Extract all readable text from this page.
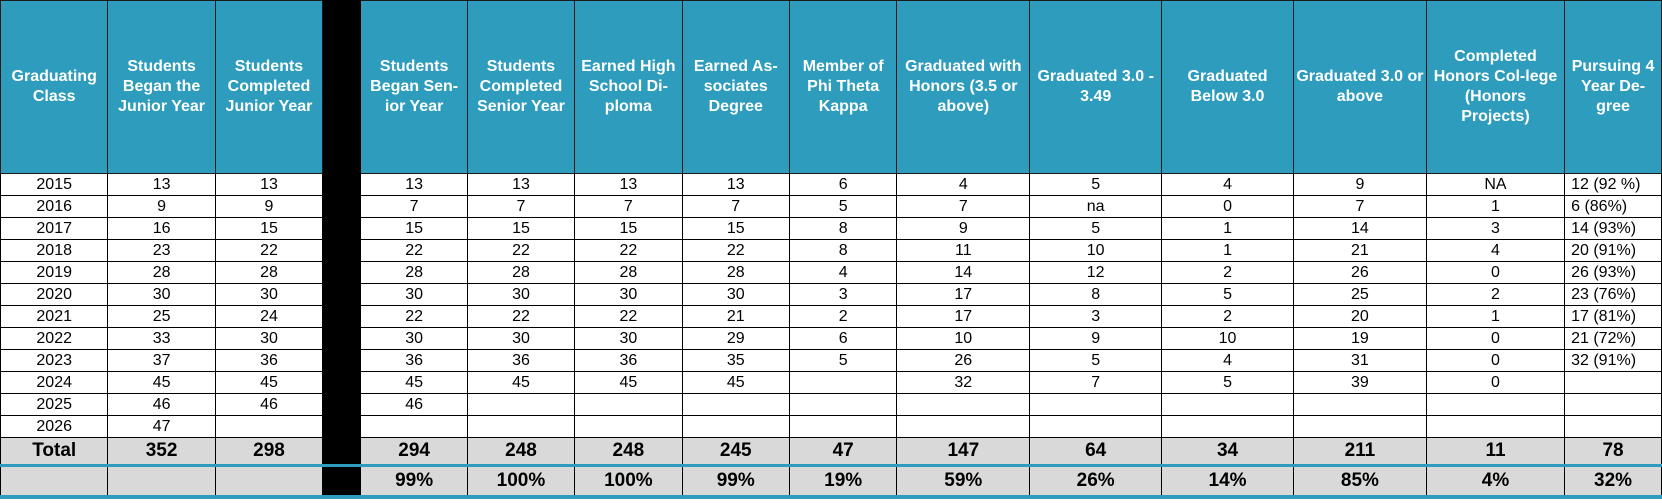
Graduating Class	Students Began the Junior Year	Students Completed Junior Year		Students Began Sen-ior Year	Students Completed Senior Year	Earned High School Di-ploma	Earned As-sociates Degree	Member of Phi Theta Kappa	Graduated with Honors (3.5 or above)	Graduated 3.0 - 3.49	Graduated Below 3.0	Graduated 3.0 or above	Completed Honors Col-lege (Honors Projects)	Pursuing 4 Year De-gree
2015	13	13		13	13	13	13	6	4	5	4	9	NA	12 (92 %)
2016	9	9		7	7	7	7	5	7	na	0	7	1	6 (86%)
2017	16	15		15	15	15	15	8	9	5	1	14	3	14 (93%)
2018	23	22		22	22	22	22	8	11	10	1	21	4	20 (91%)
2019	28	28		28	28	28	28	4	14	12	2	26	0	26 (93%)
2020	30	30		30	30	30	30	3	17	8	5	25	2	23 (76%)
2021	25	24		22	22	22	21	2	17	3	2	20	1	17 (81%)
2022	33	30		30	30	30	29	6	10	9	10	19	0	21 (72%)
2023	37	36		36	36	36	35	5	26	5	4	31	0	32 (91%)
2024	45	45		45	45	45	45		32	7	5	39	0	
2025	46	46		46										
2026	47													
Total	352	298		294	248	248	245	47	147	64	34	211	11	78
				99%	100%	100%	99%	19%	59%	26%	14%	85%	4%	32%
